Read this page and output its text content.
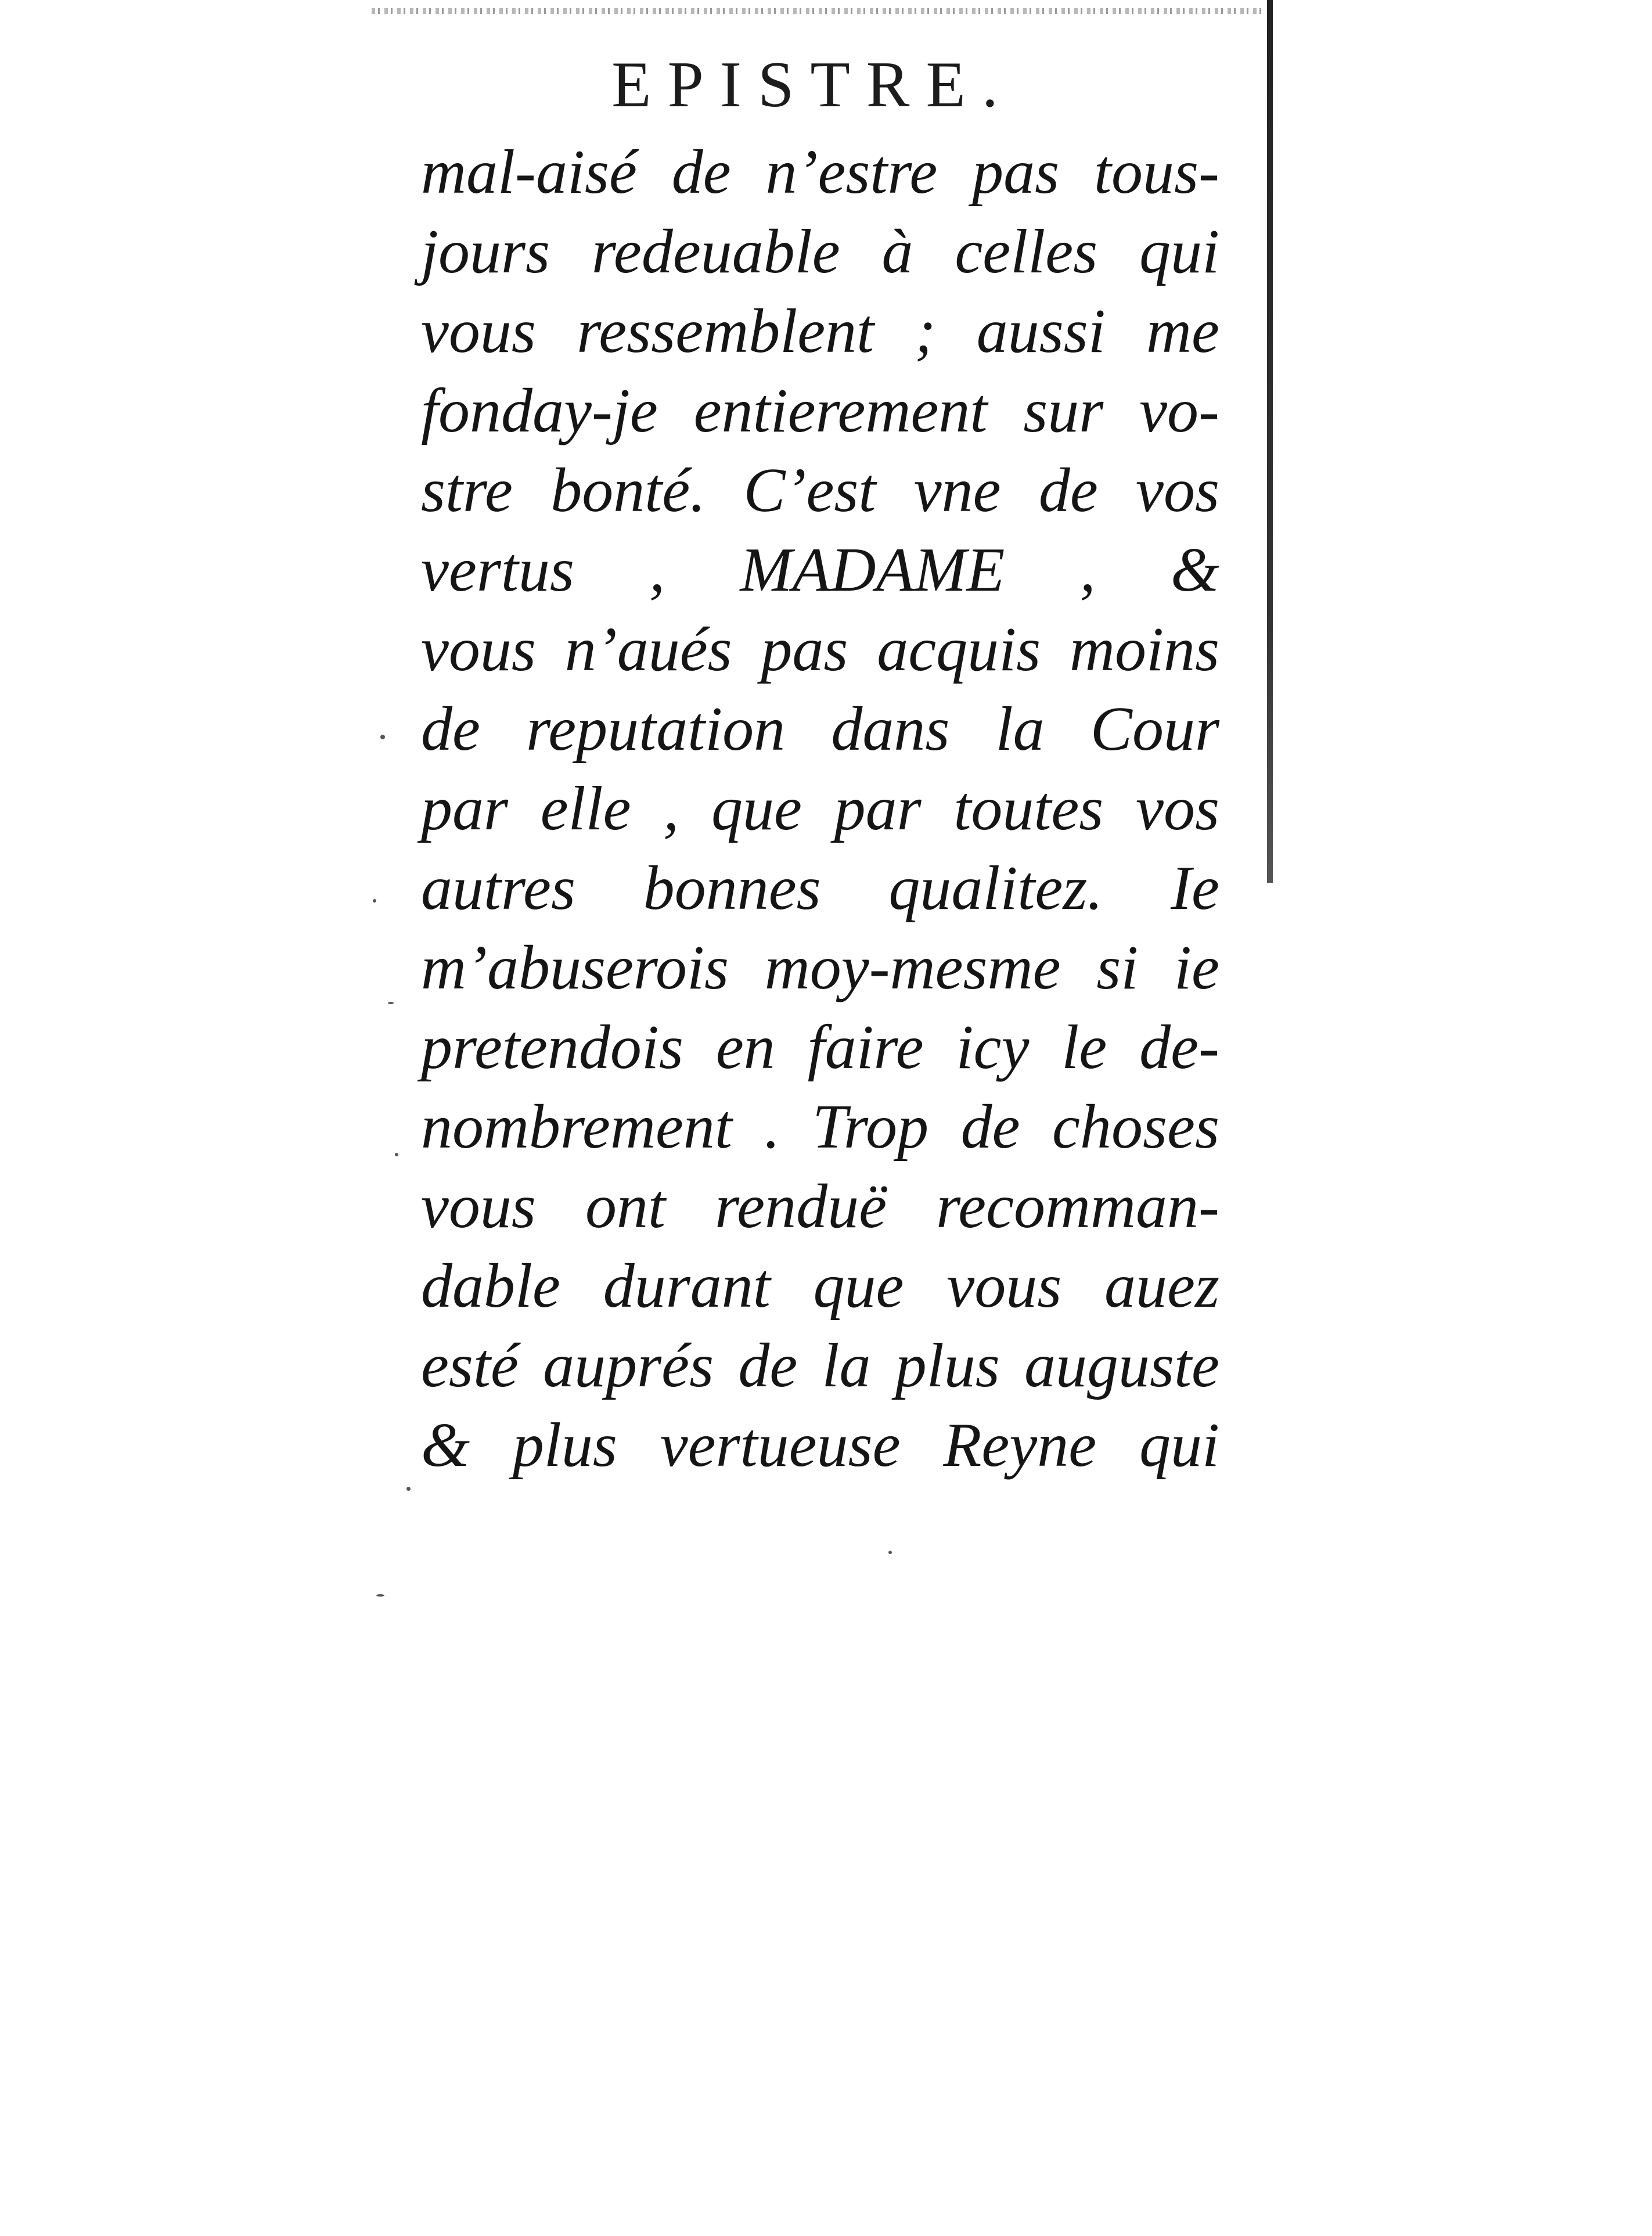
EPISTRE.
mal-aisé de n’estre pas tous-
jours redeuable à celles qui
vous ressemblent ; aussi me
fonday-je entierement sur vo-
stre bonté. C’est vne de vos
vertus , MADAME , &
vous n’aués pas acquis moins
de reputation dans la Cour
par elle , que par toutes vos
autres bonnes qualitez. Ie
m’abuserois moy-mesme si ie
pretendois en faire icy le de-
nombrement . Trop de choses
vous ont renduë recomman-
dable durant que vous auez
esté auprés de la plus auguste
& plus vertueuse Reyne qui
